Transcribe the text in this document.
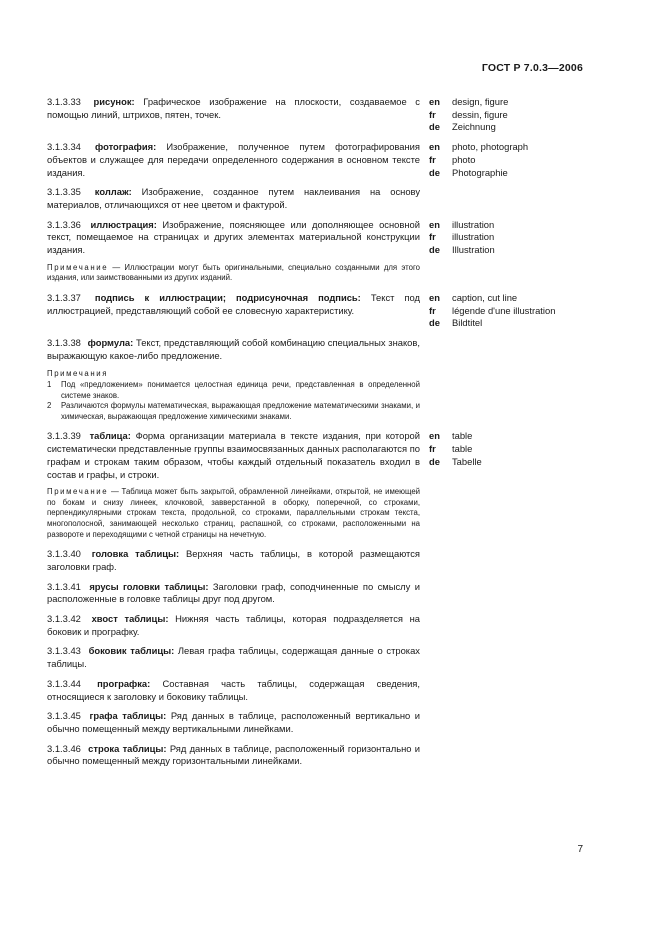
ГОСТ Р 7.0.3—2006
3.1.3.33 рисунок: Графическое изображение на плоскости, создаваемое с помощью линий, штрихов, пятен, точек.
en	design, figure
fr	dessin, figure
de	Zeichnung
3.1.3.34 фотография: Изображение, полученное путем фотографирования объектов и служащее для передачи определенного содержания в основном тексте издания.
en	photo, photograph
fr	photo
de	Photographie
3.1.3.35 коллаж: Изображение, созданное путем наклеивания на основу материалов, отличающихся от нее цветом и фактурой.
3.1.3.36 иллюстрация: Изображение, поясняющее или дополняющее основной текст, помещаемое на страницах и других элементах материальной конструкции издания.
en	illustration
fr	illustration
de	Illustration
Примечание — Иллюстрации могут быть оригинальными, специально созданными для этого издания, или заимствованными из других изданий.
3.1.3.37 подпись к иллюстрации; подрисуночная подпись: Текст под иллюстрацией, представляющий собой ее словесную характеристику.
en	caption, cut line
fr	légende d'une illustration
de	Bildtitel
3.1.3.38 формула: Текст, представляющий собой комбинацию специальных знаков, выражающую какое-либо предложение.
Примечания
1	Под «предложением» понимается целостная единица речи, представленная в определенной системе знаков.
2	Различаются формулы математическая, выражающая предложение математическими знаками, и химическая, выражающая предложение химическими знаками.
3.1.3.39 таблица: Форма организации материала в тексте издания, при которой систематически представленные группы взаимосвязанных данных располагаются по графам и строкам таким образом, чтобы каждый отдельный показатель входил в состав и графы, и строки.
en	table
fr	table
de	Tabelle
Примечание — Таблица может быть закрытой, обрамленной линейками, открытой, не имеющей по бокам и снизу линеек, клочковой, завверстанной в оборку, поперечной, со строками, перпендикулярными строкам текста, продольной, со строками, параллельными строкам текста, многополосной, занимающей несколько страниц, распашной, со строками, расположенными на развороте и переходящими с четной страницы на нечетную.
3.1.3.40 головка таблицы: Верхняя часть таблицы, в которой размещаются заголовки граф.
3.1.3.41 ярусы головки таблицы: Заголовки граф, соподчиненные по смыслу и расположенные в головке таблицы друг под другом.
3.1.3.42 хвост таблицы: Нижняя часть таблицы, которая подразделяется на боковик и прографку.
3.1.3.43 боковик таблицы: Левая графа таблицы, содержащая данные о строках таблицы.
3.1.3.44 прографка: Составная часть таблицы, содержащая сведения, относящиеся к заголовку и боковику таблицы.
3.1.3.45 графа таблицы: Ряд данных в таблице, расположенный вертикально и обычно помещенный между вертикальными линейками.
3.1.3.46 строка таблицы: Ряд данных в таблице, расположенный горизонтально и обычно помещенный между горизонтальными линейками.
7
